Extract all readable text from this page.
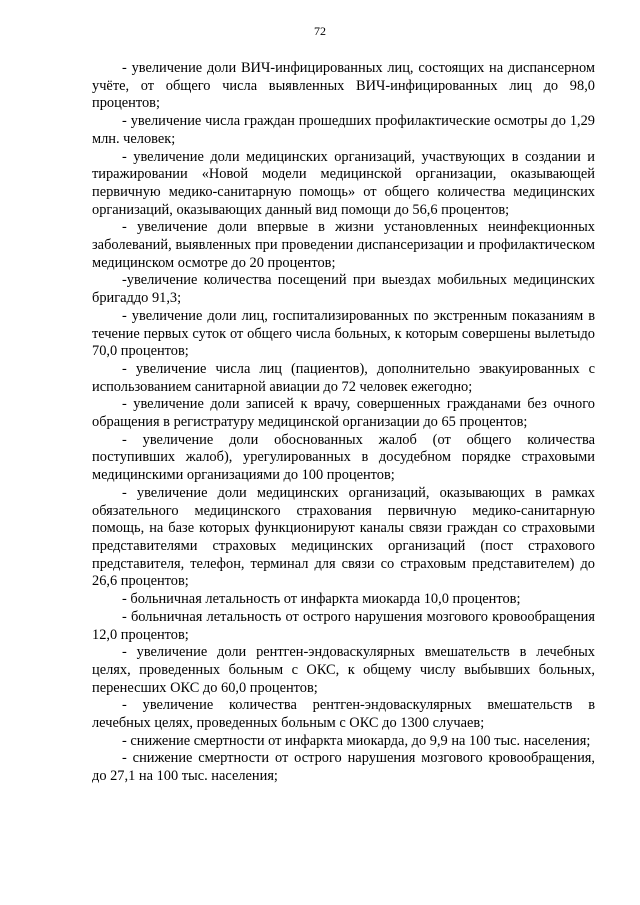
72

- увеличение доли ВИЧ-инфицированных лиц, состоящих на диспансерном учёте, от общего числа выявленных ВИЧ-инфицированных лиц до 98,0 процентов;

- увеличение числа граждан прошедших профилактические осмотры до 1,29 млн. человек;

- увеличение доли медицинских организаций, участвующих в создании и тиражировании «Новой модели медицинской организации, оказывающей первичную медико-санитарную помощь» от общего количества медицинских организаций, оказывающих данный вид помощи до 56,6 процентов;

- увеличение доли впервые в жизни установленных неинфекционных заболеваний, выявленных при проведении диспансеризации и профилактическом медицинском осмотре до 20 процентов;

-увеличение количества посещений при выездах мобильных медицинских бригаддо 91,3;

- увеличение доли лиц, госпитализированных по экстренным показаниям в течение первых суток от общего числа больных, к которым совершены вылетыдо 70,0 процентов;

- увеличение числа лиц (пациентов), дополнительно эвакуированных с использованием санитарной авиации до 72 человек ежегодно;

- увеличение доли записей к врачу, совершенных гражданами без очного обращения в регистратуру медицинской организации до 65 процентов;

- увеличение доли обоснованных жалоб (от общего количества поступивших жалоб), урегулированных в досудебном порядке страховыми медицинскими организациями до 100 процентов;

- увеличение доли медицинских организаций, оказывающих в рамках обязательного медицинского страхования первичную медико-санитарную помощь, на базе которых функционируют каналы связи граждан со страховыми представителями страховых медицинских организаций (пост страхового представителя, телефон, терминал для связи со страховым представителем) до 26,6 процентов;

- больничная летальность от инфаркта миокарда 10,0 процентов;

- больничная летальность от острого нарушения мозгового кровообращения 12,0 процентов;

- увеличение доли рентген-эндоваскулярных вмешательств в лечебных целях, проведенных больным с ОКС, к общему числу выбывших больных, перенесших ОКС до 60,0 процентов;

- увеличение количества рентген-эндоваскулярных вмешательств в лечебных целях, проведенных больным с ОКС до 1300 случаев;

- снижение смертности от инфаркта миокарда, до 9,9 на 100 тыс. населения;

- снижение смертности от острого нарушения мозгового кровообращения, до 27,1 на 100 тыс. населения;
